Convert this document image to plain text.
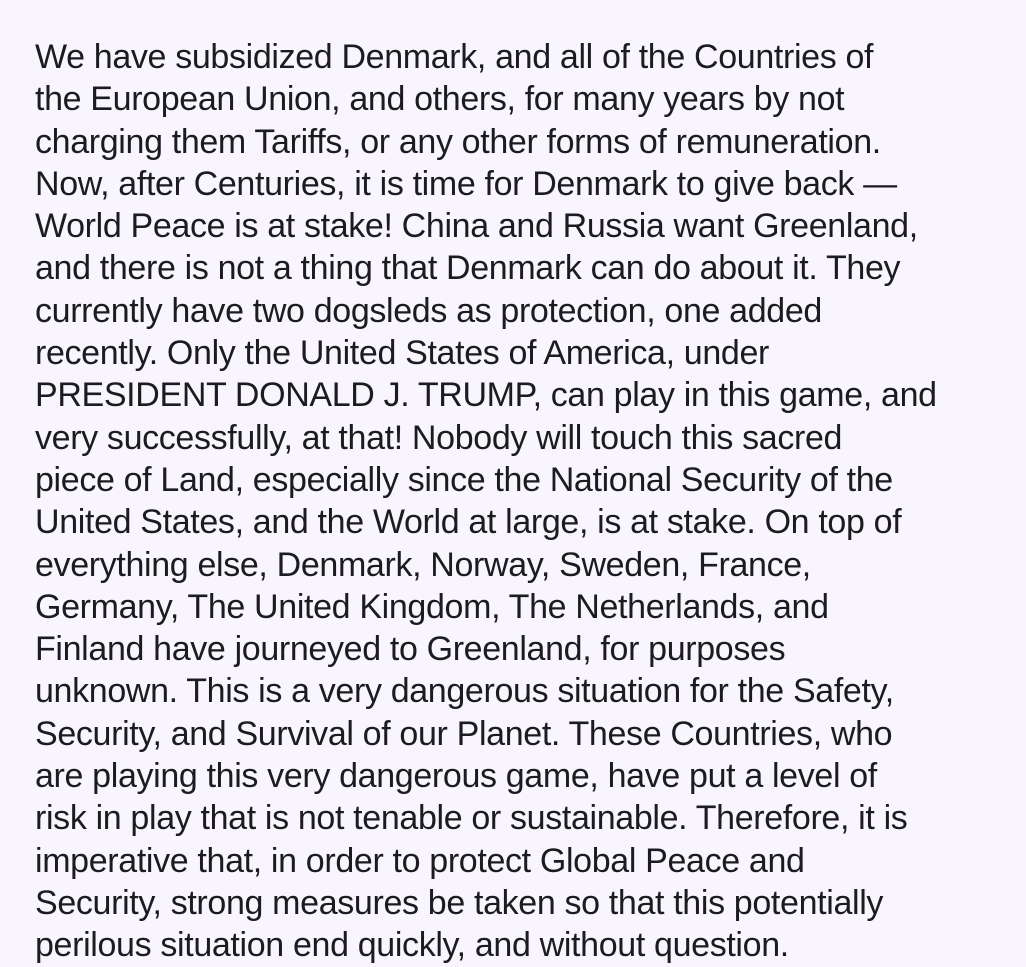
We have subsidized Denmark, and all of the Countries of
the European Union, and others, for many years by not
charging them Tariffs, or any other forms of remuneration.
Now, after Centuries, it is time for Denmark to give back —
World Peace is at stake! China and Russia want Greenland,
and there is not a thing that Denmark can do about it. They
currently have two dogsleds as protection, one added
recently. Only the United States of America, under
PRESIDENT DONALD J. TRUMP, can play in this game, and
very successfully, at that! Nobody will touch this sacred
piece of Land, especially since the National Security of the
United States, and the World at large, is at stake. On top of
everything else, Denmark, Norway, Sweden, France,
Germany, The United Kingdom, The Netherlands, and
Finland have journeyed to Greenland, for purposes
unknown. This is a very dangerous situation for the Safety,
Security, and Survival of our Planet. These Countries, who
are playing this very dangerous game, have put a level of
risk in play that is not tenable or sustainable. Therefore, it is
imperative that, in order to protect Global Peace and
Security, strong measures be taken so that this potentially
perilous situation end quickly, and without question.
